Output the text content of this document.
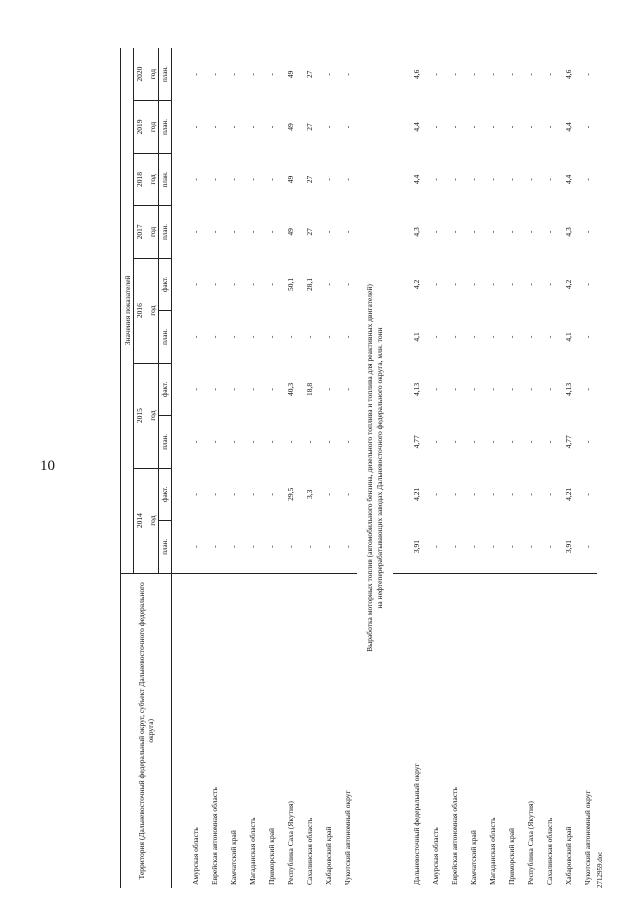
10
2712959.doc
Территория (Дальневосточный федеральный округ, субъект Дальневосточного федерального округа)	Значения показателей									
	2014		2015		2016		2017	2018	2019	2020
	год		год		год		год	год	год	год
	план.	факт.	план.	факт.	план.	факт.	план.	план.	план.	план.

Амурская область	-	-	-	-	-	-	-	-	-	-
Еврейская автономная область	-	-	-	-	-	-	-	-	-	-
Камчатский край	-	-	-	-	-	-	-	-	-	-
Магаданская область	-	-	-	-	-	-	-	-	-	-
Приморский край	-	-	-	-	-	-	-	-	-	-
Республика Саха (Якутия)	-	29,5	-	40,3	-	50,1	49	49	49	49
Сахалинская область	-	3,3	-	18,8	-	28,1	27	27	27	27
Хабаровский край	-	-	-	-	-	-	-	-	-	-
Чукотский автономный округ	-	-	-	-	-	-	-	-	-	-

Выработка моторных топлив (автомобильного бензина, дизельного топлива и топлива для реактивных двигателей) на нефтеперерабатывающих заводах Дальневосточного федерального округа, млн. тонн										

Дальневосточный федеральный округ	3,91	4,21	4,77	4,13	4,1	4,2	4,3	4,4	4,4	4,6
Амурская область	-	-	-	-	-	-	-	-	-	-
Еврейская автономная область	-	-	-	-	-	-	-	-	-	-
Камчатский край	-	-	-	-	-	-	-	-	-	-
Магаданская область	-	-	-	-	-	-	-	-	-	-
Приморский край	-	-	-	-	-	-	-	-	-	-
Республика Саха (Якутия)	-	-	-	-	-	-	-	-	-	-
Сахалинская область	-	-	-	-	-	-	-	-	-	-
Хабаровский край	3,91	4,21	4,77	4,13	4,1	4,2	4,3	4,4	4,4	4,6
Чукотский автономный округ	-	-	-	-	-	-	-	-	-	-
